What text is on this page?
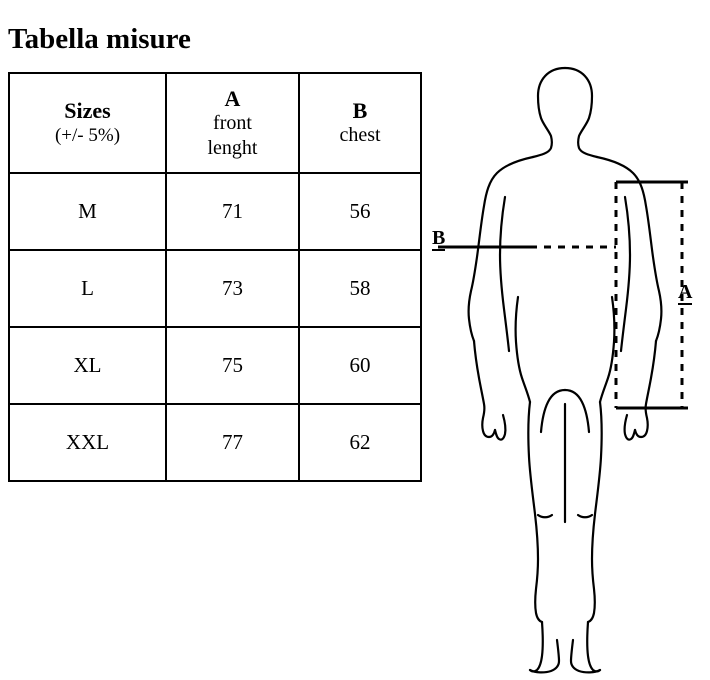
Tabella misure
Sizes
(+/- 5%)

A
front
lenght

B
chest

M	71	56
L	73	58
XL	75	60
XXL	77	62
B
A
